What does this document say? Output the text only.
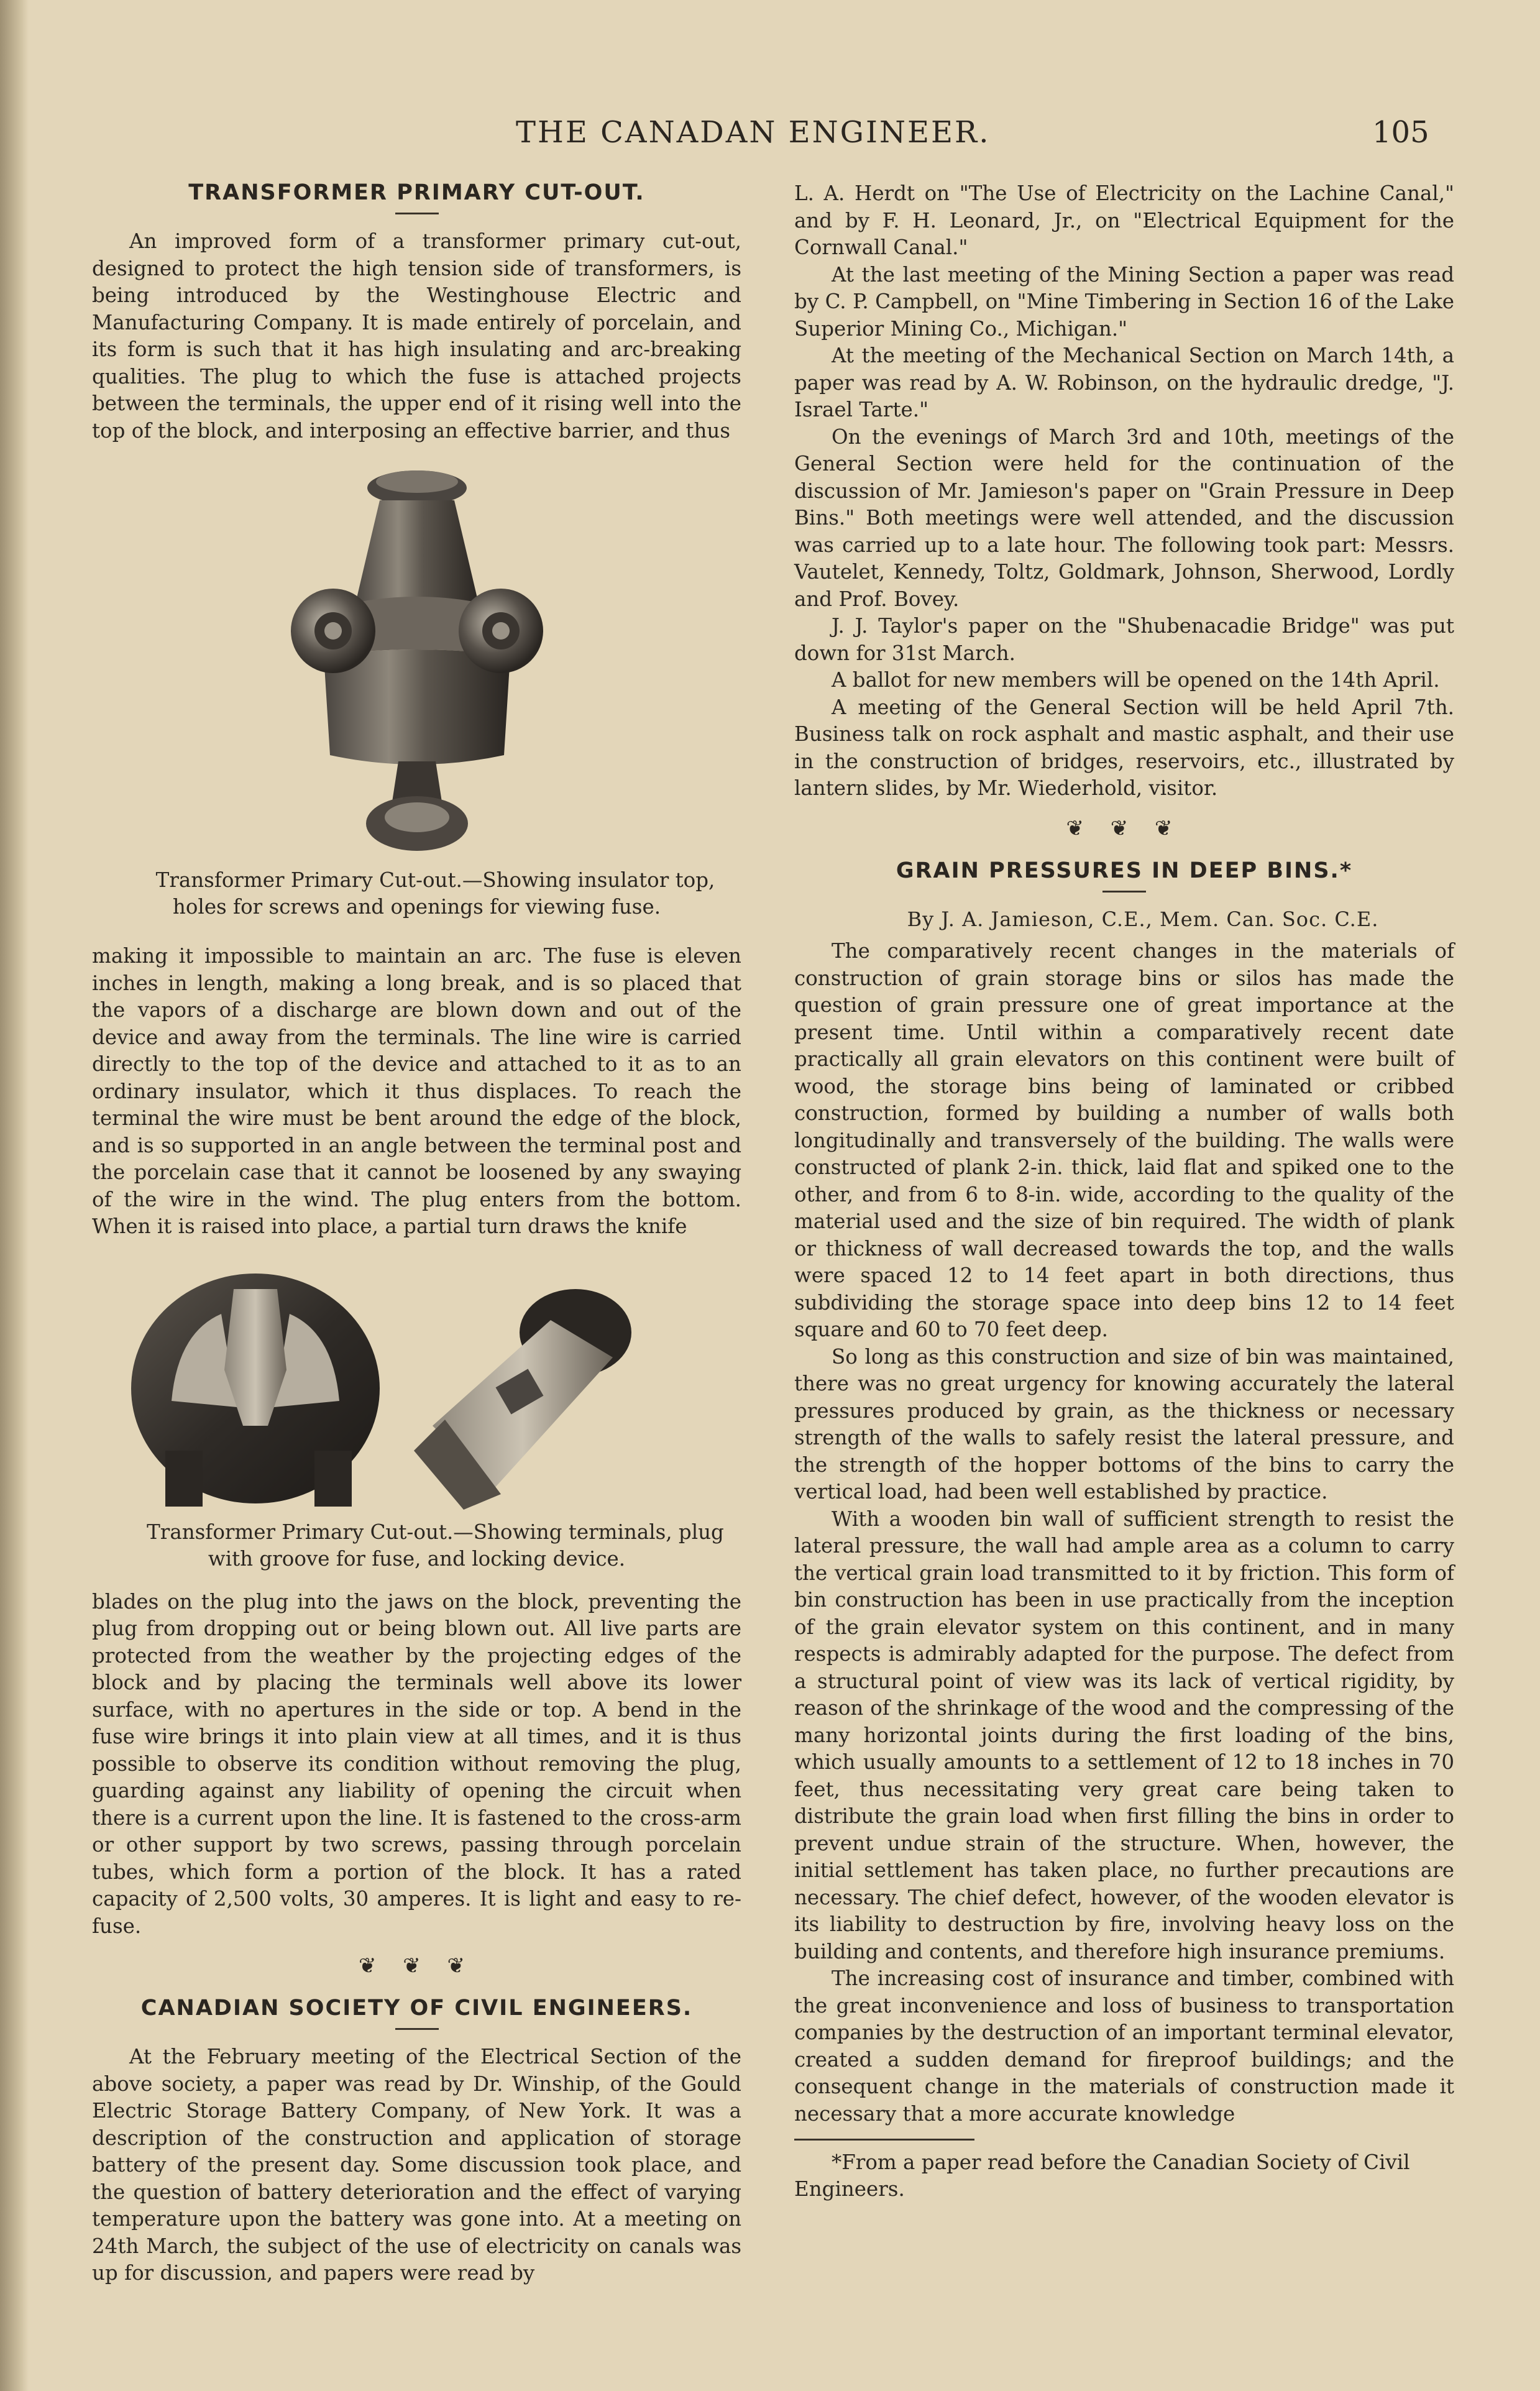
THE CANADAN ENGINEER.	105
TRANSFORMER PRIMARY CUT-OUT.

An improved form of a transformer primary cut-out, designed to protect the high tension side of transformers, is being introduced by the Westinghouse Electric and Manufacturing Company. It is made entirely of porcelain, and its form is such that it has high insulating and arc-breaking qualities. The plug to which the fuse is attached projects between the terminals, the upper end of it rising well into the top of the block, and interposing an effective barrier, and thus

Transformer Primary Cut-out.—Showing insulator top, holes for screws and openings for viewing fuse.

making it impossible to maintain an arc. The fuse is eleven inches in length, making a long break, and is so placed that the vapors of a discharge are blown down and out of the device and away from the terminals. The line wire is carried directly to the top of the device and attached to it as to an ordinary insulator, which it thus displaces. To reach the terminal the wire must be bent around the edge of the block, and is so supported in an angle between the terminal post and the porcelain case that it cannot be loosened by any swaying of the wire in the wind. The plug enters from the bottom. When it is raised into place, a partial turn draws the knife

Transformer Primary Cut-out.—Showing terminals, plug with groove for fuse, and locking device.

blades on the plug into the jaws on the block, preventing the plug from dropping out or being blown out. All live parts are protected from the weather by the projecting edges of the block and by placing the terminals well above its lower surface, with no apertures in the side or top. A bend in the fuse wire brings it into plain view at all times, and it is thus possible to observe its condition without removing the plug, guarding against any liability of opening the circuit when there is a current upon the line. It is fastened to the cross-arm or other support by two screws, passing through porcelain tubes, which form a portion of the block. It has a rated capacity of 2,500 volts, 30 amperes. It is light and easy to re-fuse.

❦ ❦ ❦
CANADIAN SOCIETY OF CIVIL ENGINEERS.

At the February meeting of the Electrical Section of the above society, a paper was read by Dr. Winship, of the Gould Electric Storage Battery Company, of New York. It was a description of the construction and application of storage battery of the present day. Some discussion took place, and the question of battery deterioration and the effect of varying temperature upon the battery was gone into. At a meeting on 24th March, the subject of the use of electricity on canals was up for discussion, and papers were read by

L. A. Herdt on "The Use of Electricity on the Lachine Canal," and by F. H. Leonard, Jr., on "Electrical Equipment for the Cornwall Canal."

At the last meeting of the Mining Section a paper was read by C. P. Campbell, on "Mine Timbering in Section 16 of the Lake Superior Mining Co., Michigan."

At the meeting of the Mechanical Section on March 14th, a paper was read by A. W. Robinson, on the hydraulic dredge, "J. Israel Tarte."

On the evenings of March 3rd and 10th, meetings of the General Section were held for the continuation of the discussion of Mr. Jamieson's paper on "Grain Pressure in Deep Bins." Both meetings were well attended, and the discussion was carried up to a late hour. The following took part: Messrs. Vautelet, Kennedy, Toltz, Goldmark, Johnson, Sherwood, Lordly and Prof. Bovey.

J. J. Taylor's paper on the "Shubenacadie Bridge" was put down for 31st March.

A ballot for new members will be opened on the 14th April.

A meeting of the General Section will be held April 7th. Business talk on rock asphalt and mastic asphalt, and their use in the construction of bridges, reservoirs, etc., illustrated by lantern slides, by Mr. Wiederhold, visitor.

❦ ❦ ❦
GRAIN PRESSURES IN DEEP BINS.*

By J. A. Jamieson, C.E., Mem. Can. Soc. C.E.

The comparatively recent changes in the materials of construction of grain storage bins or silos has made the question of grain pressure one of great importance at the present time. Until within a comparatively recent date practically all grain elevators on this continent were built of wood, the storage bins being of laminated or cribbed construction, formed by building a number of walls both longitudinally and transversely of the building. The walls were constructed of plank 2-in. thick, laid flat and spiked one to the other, and from 6 to 8-in. wide, according to the quality of the material used and the size of bin required. The width of plank or thickness of wall decreased towards the top, and the walls were spaced 12 to 14 feet apart in both directions, thus subdividing the storage space into deep bins 12 to 14 feet square and 60 to 70 feet deep.

So long as this construction and size of bin was maintained, there was no great urgency for knowing accurately the lateral pressures produced by grain, as the thickness or necessary strength of the walls to safely resist the lateral pressure, and the strength of the hopper bottoms of the bins to carry the vertical load, had been well established by practice.

With a wooden bin wall of sufficient strength to resist the lateral pressure, the wall had ample area as a column to carry the vertical grain load transmitted to it by friction. This form of bin construction has been in use practically from the inception of the grain elevator system on this continent, and in many respects is admirably adapted for the purpose. The defect from a structural point of view was its lack of vertical rigidity, by reason of the shrinkage of the wood and the compressing of the many horizontal joints during the first loading of the bins, which usually amounts to a settlement of 12 to 18 inches in 70 feet, thus necessitating very great care being taken to distribute the grain load when first filling the bins in order to prevent undue strain of the structure. When, however, the initial settlement has taken place, no further precautions are necessary. The chief defect, however, of the wooden elevator is its liability to destruction by fire, involving heavy loss on the building and contents, and therefore high insurance premiums.

The increasing cost of insurance and timber, combined with the great inconvenience and loss of business to transportation companies by the destruction of an important terminal elevator, created a sudden demand for fireproof buildings; and the consequent change in the materials of construction made it necessary that a more accurate knowledge

*From a paper read before the Canadian Society of Civil Engineers.
